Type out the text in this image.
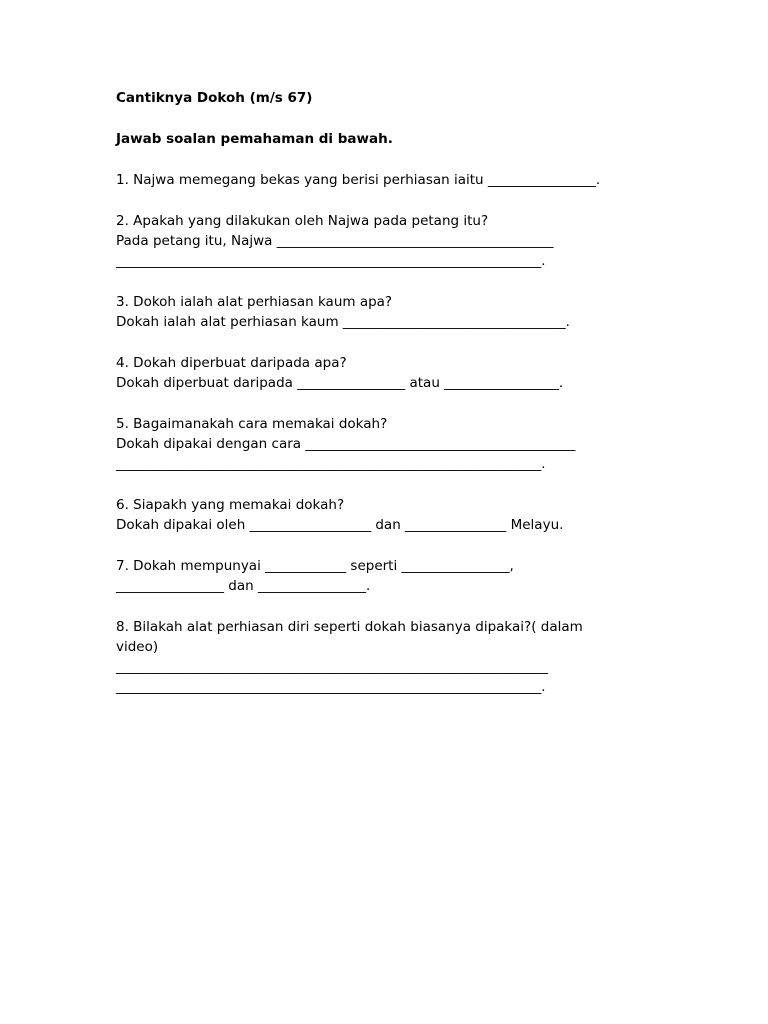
Cantiknya Dokoh (m/s 67)
Jawab soalan pemahaman di bawah.
1. Najwa memegang bekas yang berisi perhiasan iaitu ________________.
2. Apakah yang dilakukan oleh Najwa pada petang itu?
Pada petang itu, Najwa _________________________________________
_______________________________________________________________.
3. Dokoh ialah alat perhiasan kaum apa?
Dokah ialah alat perhiasan kaum _________________________________.
4. Dokah diperbuat daripada apa?
Dokah diperbuat daripada ________________ atau _________________.
5. Bagaimanakah cara memakai dokah?
Dokah dipakai dengan cara ________________________________________
_______________________________________________________________.
6. Siapakh yang memakai dokah?
Dokah dipakai oleh __________________ dan _______________ Melayu.
7. Dokah mempunyai ____________ seperti ________________,
________________ dan ________________.
8. Bilakah alat perhiasan diri seperti dokah biasanya dipakai?( dalam
video)
________________________________________________________________
_______________________________________________________________.
